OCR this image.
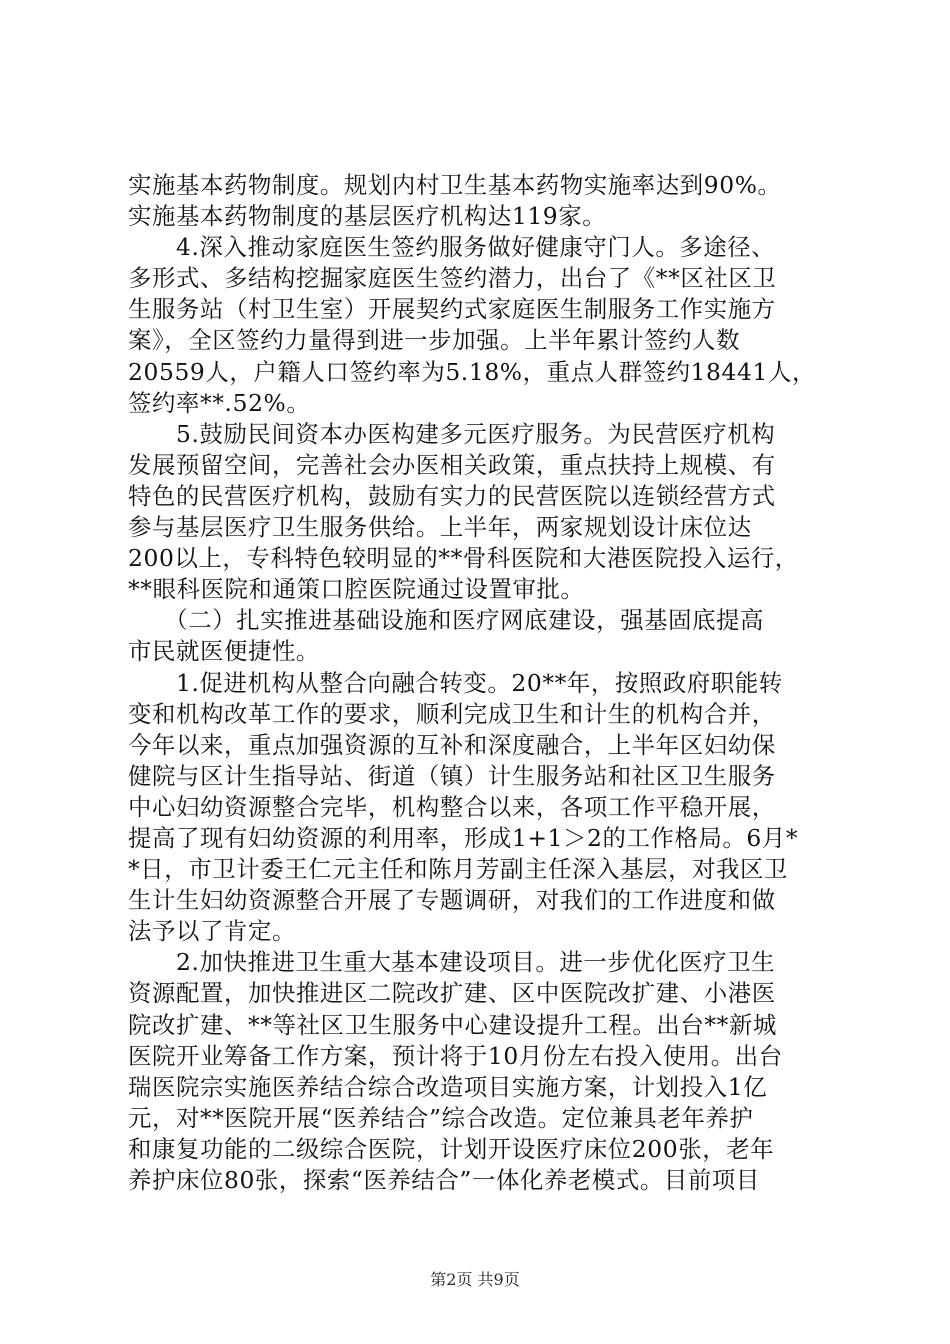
实施基本药物制度。规划内村卫生基本药物实施率达到90%。
实施基本药物制度的基层医疗机构达119家。
　　4.深入推动家庭医生签约服务做好健康守门人。多途径、
多形式、多结构挖掘家庭医生签约潜力，出台了《**区社区卫
生服务站（村卫生室）开展契约式家庭医生制服务工作实施方
案》，全区签约力量得到进一步加强。上半年累计签约人数
20559人，户籍人口签约率为5.18%，重点人群签约18441人，
签约率**.52%。
　　5.鼓励民间资本办医构建多元医疗服务。为民营医疗机构
发展预留空间，完善社会办医相关政策，重点扶持上规模、有
特色的民营医疗机构，鼓励有实力的民营医院以连锁经营方式
参与基层医疗卫生服务供给。上半年，两家规划设计床位达
200以上，专科特色较明显的**骨科医院和大港医院投入运行，
**眼科医院和通策口腔医院通过设置审批。
　　（二）扎实推进基础设施和医疗网底建设，强基固底提高
市民就医便捷性。
　　1.促进机构从整合向融合转变。20**年，按照政府职能转
变和机构改革工作的要求，顺利完成卫生和计生的机构合并，
今年以来，重点加强资源的互补和深度融合，上半年区妇幼保
健院与区计生指导站、街道（镇）计生服务站和社区卫生服务
中心妇幼资源整合完毕，机构整合以来，各项工作平稳开展，
提高了现有妇幼资源的利用率，形成1+1＞2的工作格局。6月*
*日，市卫计委王仁元主任和陈月芳副主任深入基层，对我区卫
生计生妇幼资源整合开展了专题调研，对我们的工作进度和做
法予以了肯定。
　　2.加快推进卫生重大基本建设项目。进一步优化医疗卫生
资源配置，加快推进区二院改扩建、区中医院改扩建、小港医
院改扩建、**等社区卫生服务中心建设提升工程。出台**新城
医院开业筹备工作方案，预计将于10月份左右投入使用。出台
瑞医院宗实施医养结合综合改造项目实施方案，计划投入1亿
元，对**医院开展“医养结合”综合改造。定位兼具老年养护
和康复功能的二级综合医院，计划开设医疗床位200张，老年
养护床位80张，探索“医养结合”一体化养老模式。目前项目
第2页 共9页
